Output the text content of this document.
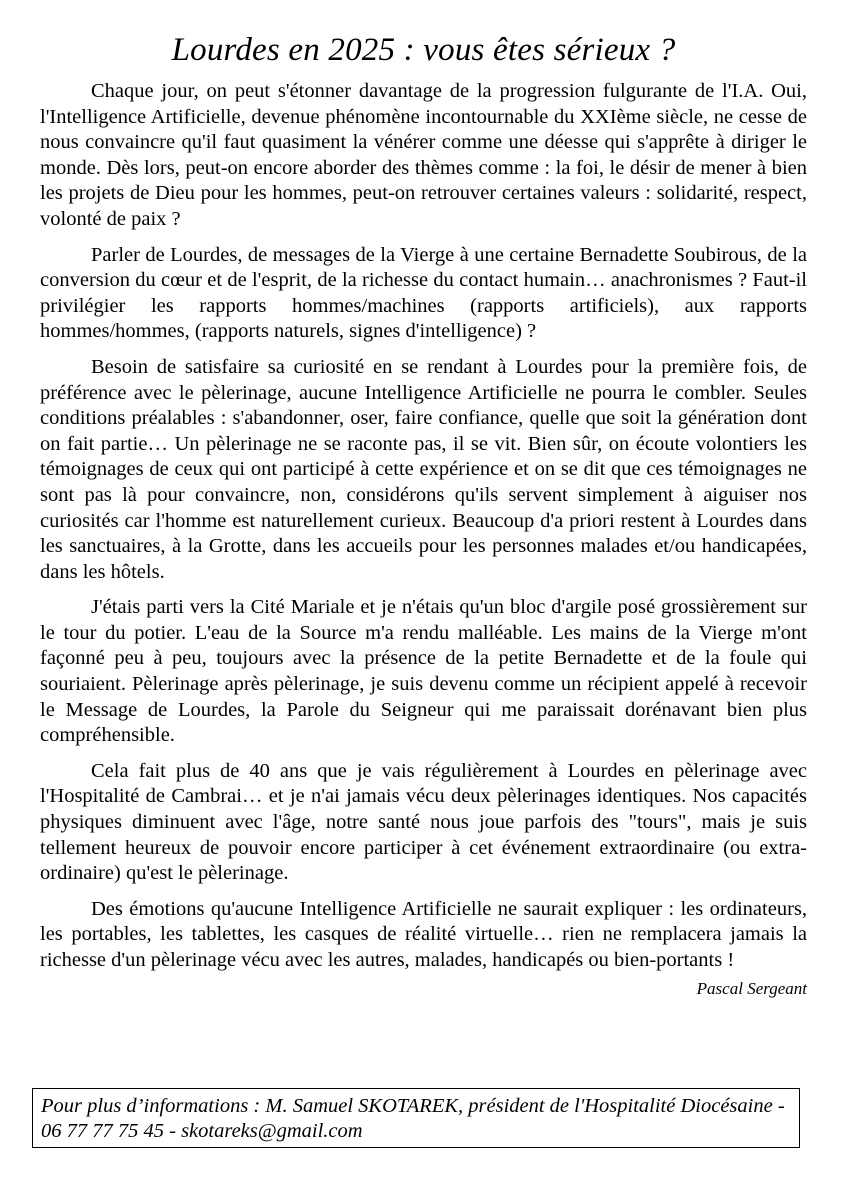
Lourdes en 2025 : vous êtes sérieux ?

Chaque jour, on peut s'étonner davantage de la progression fulgurante de l'I.A. Oui, l'Intelligence Artificielle, devenue phénomène incontournable du XXIème siècle, ne cesse de nous convaincre qu'il faut quasiment la vénérer comme une déesse qui s'apprête à diriger le monde. Dès lors, peut-on encore aborder des thèmes comme : la foi, le désir de mener à bien les projets de Dieu pour les hommes, peut-on retrouver certaines valeurs : solidarité, respect, volonté de paix ?

Parler de Lourdes, de messages de la Vierge à une certaine Bernadette Soubirous, de la conversion du cœur et de l'esprit, de la richesse du contact humain… anachronismes ? Faut-il privilégier les rapports hommes/machines (rapports artificiels), aux rapports hommes/hommes, (rapports naturels, signes d'intelligence) ?

Besoin de satisfaire sa curiosité en se rendant à Lourdes pour la première fois, de préférence avec le pèlerinage, aucune Intelligence Artificielle ne pourra le combler. Seules conditions préalables : s'abandonner, oser, faire confiance, quelle que soit la génération dont on fait partie… Un pèlerinage ne se raconte pas, il se vit. Bien sûr, on écoute volontiers les témoignages de ceux qui ont participé à cette expérience et on se dit que ces témoignages ne sont pas là pour convaincre, non, considérons qu'ils servent simplement à aiguiser nos curiosités car l'homme est naturellement curieux. Beaucoup d'a priori restent à Lourdes dans les sanctuaires, à la Grotte, dans les accueils pour les personnes malades et/ou handicapées, dans les hôtels.

J'étais parti vers la Cité Mariale et je n'étais qu'un bloc d'argile posé grossièrement sur le tour du potier. L'eau de la Source m'a rendu malléable. Les mains de la Vierge m'ont façonné peu à peu, toujours avec la présence de la petite Bernadette et de la foule qui souriaient. Pèlerinage après pèlerinage, je suis devenu comme un récipient appelé à recevoir le Message de Lourdes, la Parole du Seigneur qui me paraissait dorénavant bien plus compréhensible.

Cela fait plus de 40 ans que je vais régulièrement à Lourdes en pèlerinage avec l'Hospitalité de Cambrai… et je n'ai jamais vécu deux pèlerinages identiques. Nos capacités physiques diminuent avec l'âge, notre santé nous joue parfois des "tours", mais je suis tellement heureux de pouvoir encore participer à cet événement extraordinaire (ou extra-ordinaire) qu'est le pèlerinage.

Des émotions qu'aucune Intelligence Artificielle ne saurait expliquer : les ordinateurs, les portables, les tablettes, les casques de réalité virtuelle… rien ne remplacera jamais la richesse d'un pèlerinage vécu avec les autres, malades, handicapés ou bien-portants !

Pascal Sergeant

Pour plus d’informations : M. Samuel SKOTAREK, président de l'Hospitalité Diocésaine - 06 77 77 75 45 - skotareks@gmail.com
